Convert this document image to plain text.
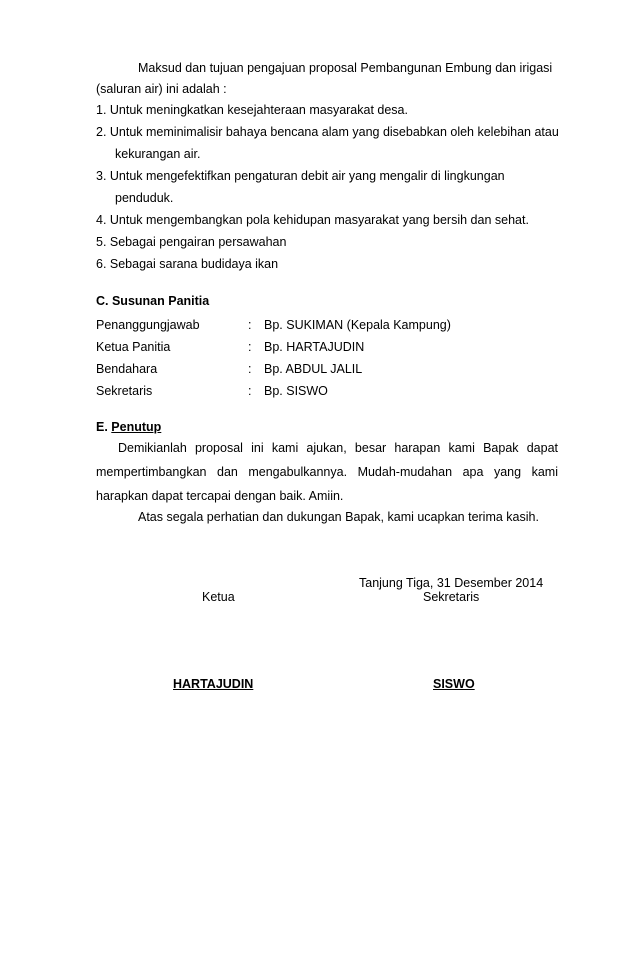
Maksud dan tujuan pengajuan proposal Pembangunan Embung dan irigasi
(saluran air) ini adalah :
1. Untuk meningkatkan kesejahteraan masyarakat desa.
2. Untuk meminimalisir bahaya bencana alam yang disebabkan oleh kelebihan atau
kekurangan air.
3. Untuk mengefektifkan pengaturan debit air yang mengalir di lingkungan
penduduk.
4. Untuk mengembangkan pola kehidupan masyarakat yang bersih dan sehat.
5. Sebagai pengairan persawahan
6. Sebagai sarana budidaya ikan
C. Susunan Panitia
Penanggungjawab	: Bp. SUKIMAN (Kepala Kampung)
Ketua Panitia	: Bp. HARTAJUDIN
Bendahara	: Bp. ABDUL JALIL
Sekretaris	: Bp. SISWO
E. Penutup
Demikianlah proposal ini kami ajukan, besar harapan kami Bapak dapat
mempertimbangkan dan mengabulkannya. Mudah-mudahan apa yang kami
harapkan dapat tercapai dengan baik. Amiin.
Atas segala perhatian dan dukungan Bapak, kami ucapkan terima kasih.
Tanjung Tiga, 31 Desember 2014
Ketua	Sekretaris
HARTAJUDIN	SISWO
